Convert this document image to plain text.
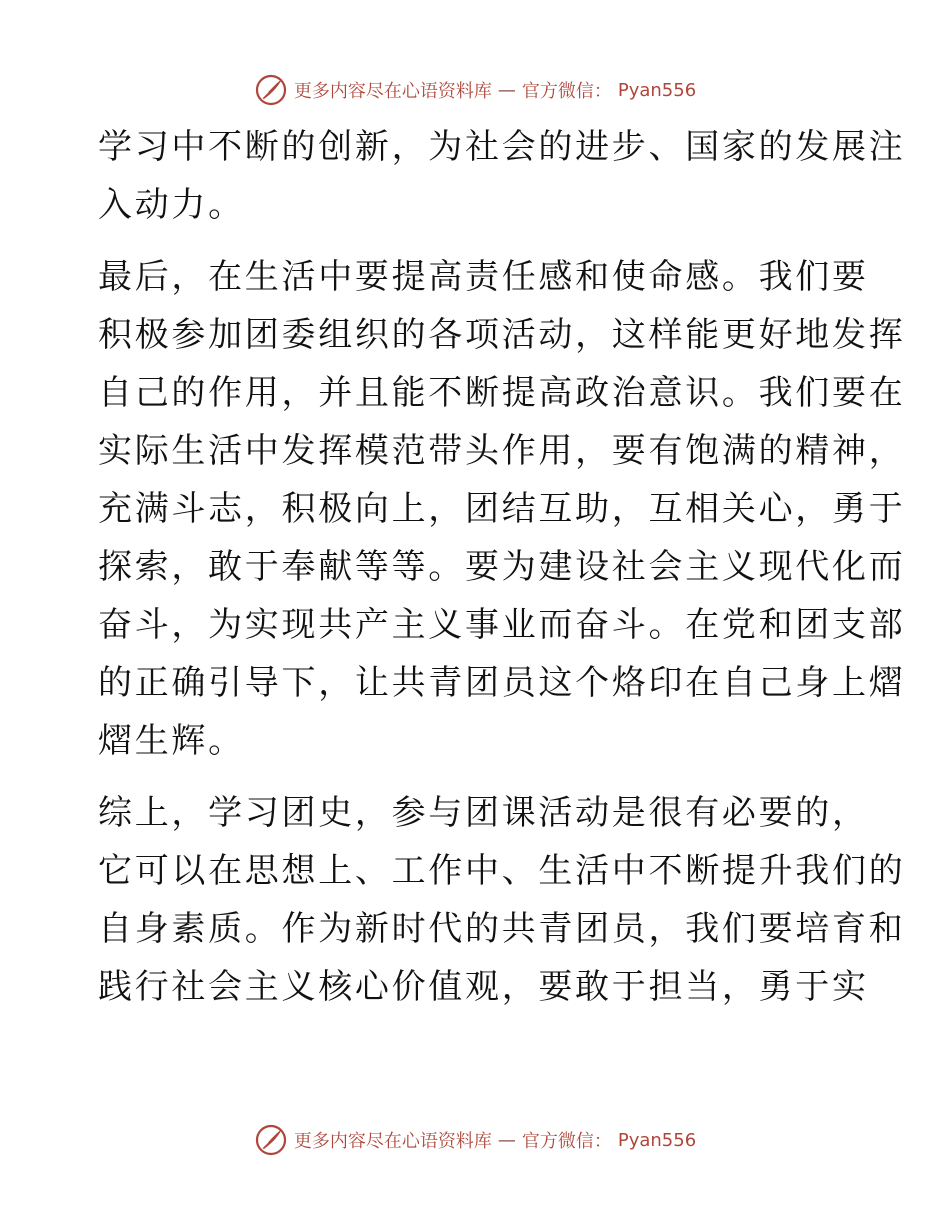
更多内容尽在心语资料库 — 官方微信： Pyan556

学习中不断的创新，为社会的进步、国家的发展注
入动力。

最后，在生活中要提高责任感和使命感。我们要
积极参加团委组织的各项活动，这样能更好地发挥
自己的作用，并且能不断提高政治意识。我们要在
实际生活中发挥模范带头作用，要有饱满的精神，
充满斗志，积极向上，团结互助，互相关心，勇于
探索，敢于奉献等等。要为建设社会主义现代化而
奋斗，为实现共产主义事业而奋斗。在党和团支部
的正确引导下，让共青团员这个烙印在自己身上熠
熠生辉。

综上，学习团史，参与团课活动是很有必要的，
它可以在思想上、工作中、生活中不断提升我们的
自身素质。作为新时代的共青团员，我们要培育和
践行社会主义核心价值观，要敢于担当，勇于实

更多内容尽在心语资料库 — 官方微信： Pyan556
